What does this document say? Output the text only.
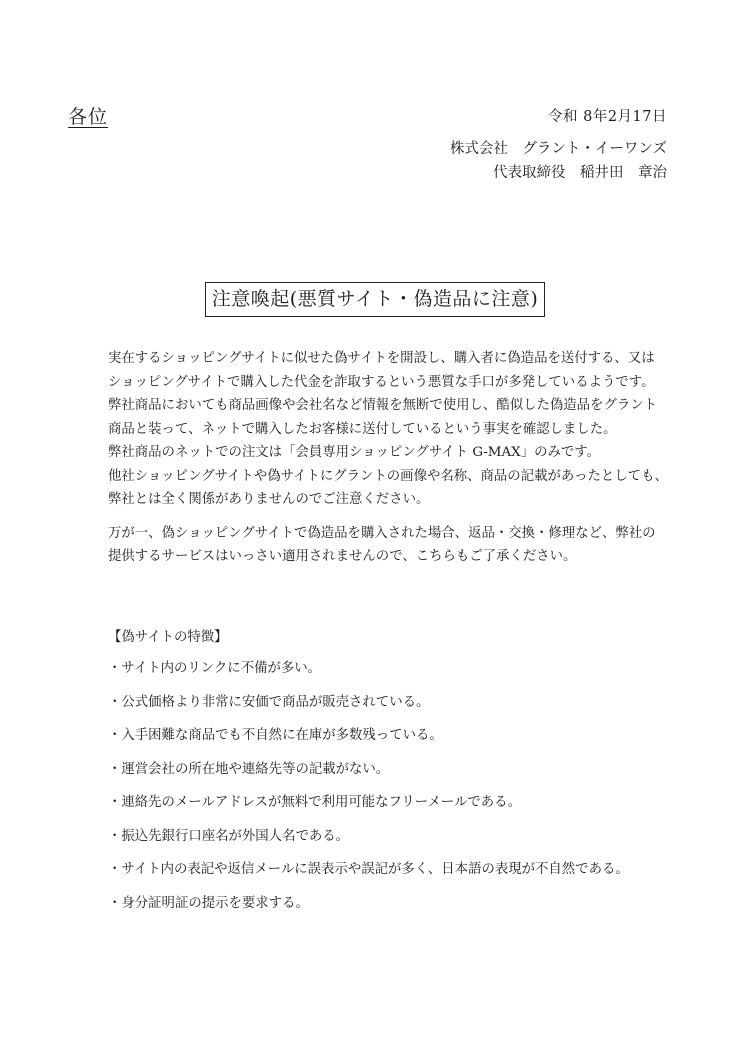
各位	令和 8年2月17日
株式会社　グラント・イーワンズ
代表取締役　稲井田　章治
注意喚起(悪質サイト・偽造品に注意)
実在するショッピングサイトに似せた偽サイトを開設し、購入者に偽造品を送付する、又は
ショッピングサイトで購入した代金を詐取するという悪質な手口が多発しているようです。
弊社商品においても商品画像や会社名など情報を無断で使用し、酷似した偽造品をグラント
商品と装って、ネットで購入したお客様に送付しているという事実を確認しました。
弊社商品のネットでの注文は「会員専用ショッピングサイト G-MAX」のみです。
他社ショッピングサイトや偽サイトにグラントの画像や名称、商品の記載があったとしても、
弊社とは全く関係がありませんのでご注意ください。
万が一、偽ショッピングサイトで偽造品を購入された場合、返品・交換・修理など、弊社の
提供するサービスはいっさい適用されませんので、こちらもご了承ください。
【偽サイトの特徴】
・サイト内のリンクに不備が多い。
・公式価格より非常に安価で商品が販売されている。
・入手困難な商品でも不自然に在庫が多数残っている。
・運営会社の所在地や連絡先等の記載がない。
・連絡先のメールアドレスが無料で利用可能なフリーメールである。
・振込先銀行口座名が外国人名である。
・サイト内の表記や返信メールに誤表示や誤記が多く、日本語の表現が不自然である。
・身分証明証の提示を要求する。
